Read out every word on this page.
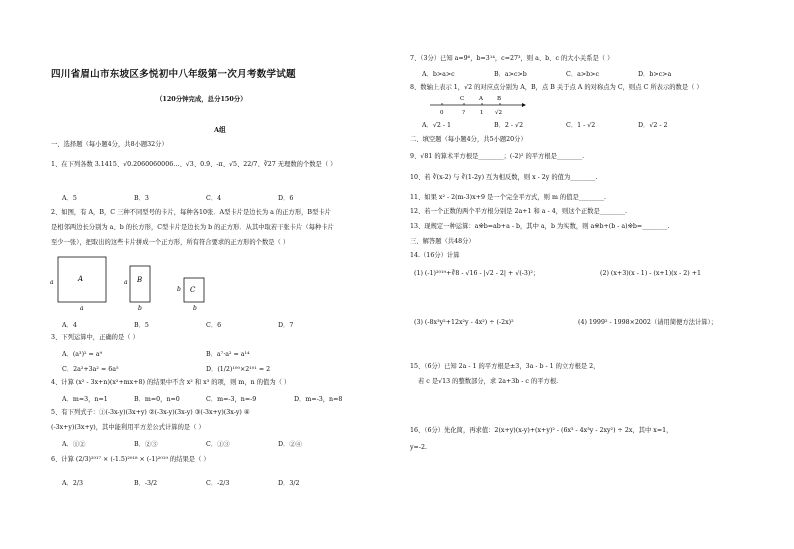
四川省眉山市东坡区多悦初中八年级第一次月考数学试题
（120分钟完成，总分150分）
A组
一、选择题（每小题4分，共8小题32分）
1、在下列各数 3.1415、√0.2060060006…、√3、0.9̇、-π、√5、22/7、∛27 无理数的个数是（ ）
A．5	B．3	C．4	D．6
2、如图，有 A，B，C 三种不同型号的卡片，每种各10张．A型卡片是边长为 a 的正方形，B型卡片
是相邻两边长分别为 a、b 的长方形，C型卡片是边长为 b 的正方形．从其中取若干张卡片（每种卡片
至少一张），把取出的这些卡片拼成一个正方形，所有符合要求的正方形的个数是（ ）
A
a
a
B
a
b
C
b
b
A．4	B．5	C．6	D．7
3、下列运算中，正确的是（ ）
A．(a³)² = a⁹	B．a⁷·a² = a¹⁴
C．2a²+3a² = 6a⁵	D．(1/2)¹⁰⁰×2¹⁰¹ = 2
4、计算 (x² - 3x+n)(x²+mx+8) 的结果中不含 x² 和 x³ 的项，则 m，n 的值为（ ）
A．m=3，n=1	B．m=0，n=0	C．m=-3，n=-9	D．m=-3，n=8
5、有下列式子：①(-3x-y)(3x+y) ②(-3x-y)(3x-y) ③(-3x+y)(3x-y) ④
(-3x+y)(3x+y)，其中能利用平方差公式计算的是（ ）
A．①②	B．②③	C．①③	D．②④
6、计算 (2/3)²⁰¹⁷ × (-1.5)²⁰¹⁸ × (-1)²⁰¹⁹ 的结果是（ ）
A．2/3	B．-3/2	C．-2/3	D．3/2
7、（3分）已知 a=9⁶，b=3¹⁴，c=27³，则 a、b、c 的大小关系是（ ）
A．b>a>c	B．a>c>b	C．a>b>c	D．b>c>a
8、数轴上表示 1，√2 的对应点分别为 A，B，点 B 关于点 A 的对称点为 C，则点 C 所表示的数是（ ）
C	A	B
0	?	1 √2
A．√2 - 1	B．2 - √2	C．1 - √2	D．√2 - 2
二、填空题（每小题4分，共5小题20分）
9、√81 的算术平方根是________；(-2)² 的平方根是________.
10、若 ∛(x-2) 与 ∛(1-2y) 互为相反数，则 x - 2y 的值为________.
11、如果 x² - 2(m-3)x+9 是一个完全平方式，则 m 的值是________.
12、若一个正数的两个平方根分别是 2a+1 和 a - 4，则这个正数是________.
13、现规定一种运算：a※b=ab+a - b，其中 a，b 为实数，则 a※b+(b - a)※b=________.
三、解答题（共48分）
14.（16分）计算
(1) (-1)²⁰¹⁹+∛8 - √16 - |√2 - 2| + √(-3)²；	(2) (x+3)(x - 1) - (x+1)(x - 2) +1
(3) (-8x³y²+12x²y - 4x²) ÷ (-2x)²	(4) 1999² - 1998×2002（请用简便方法计算）；
15、（6分）已知 2a - 1 的平方根是±3，3a - b - 1 的立方根是 2，
若 c 是√13 的整数部分，求 2a+3b - c 的平方根.
16、（6分）先化简，再求值：2(x+y)(x-y)+(x+y)² - (6x³ - 4x³y - 2xy²) ÷ 2x，其中 x=1，
y=-2.
